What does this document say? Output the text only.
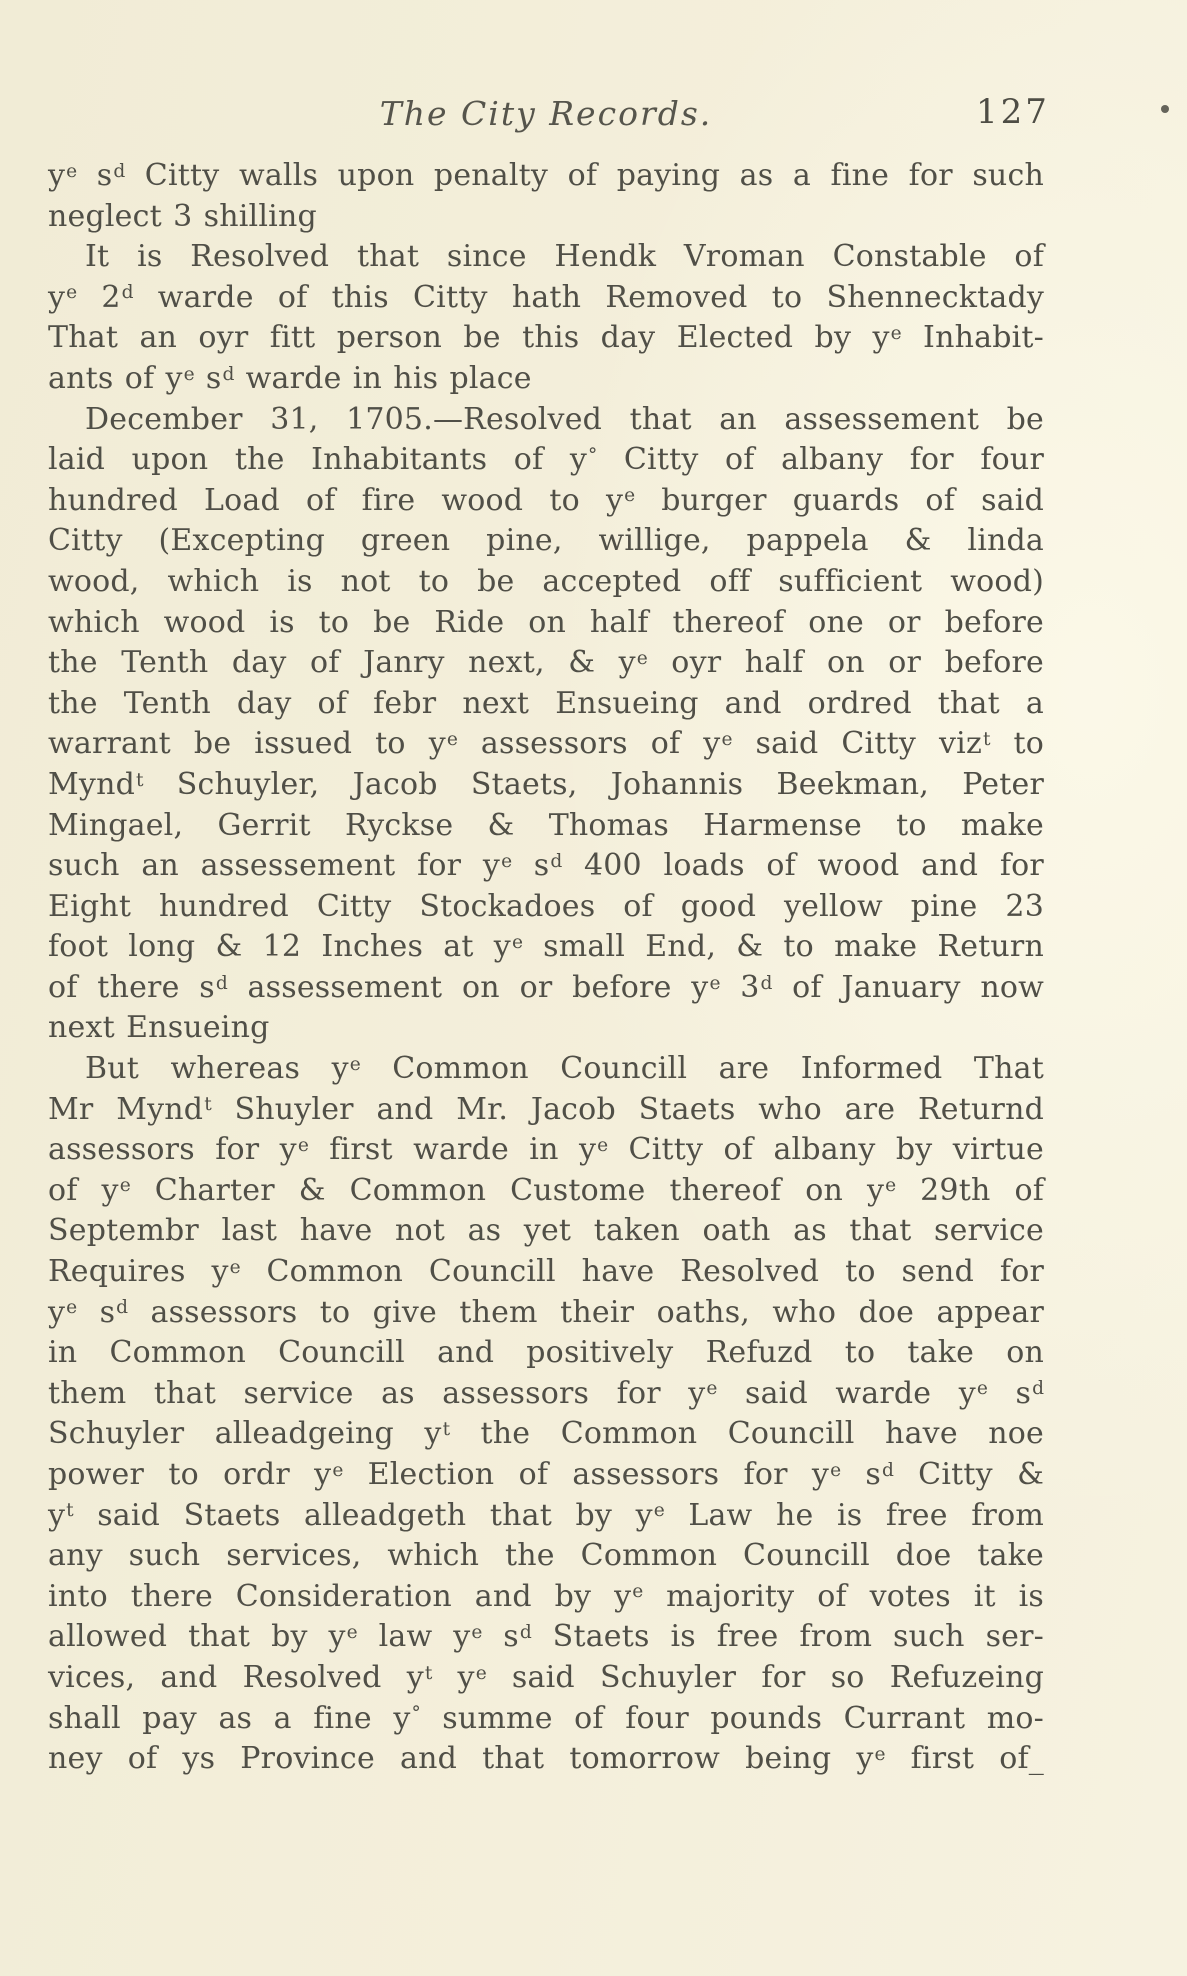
The City Records.	127
$y^e$ $s^d$ Citty walls upon penalty of paying as a fine for such
neglect 3 shilling
It is Resolved that since Hendk Vroman Constable of
$y^e$ 2$^d$ warde of this Citty hath Removed to Shennecktady
That an oyr fitt person be this day Elected by $y^e$ Inhabit-
ants of $y^e$ $s^d$ warde in his place
December 31, 1705.—Resolved that an assessement be
laid upon the Inhabitants of y° Citty of albany for four
hundred Load of fire wood to $y^e$ burger guards of said
Citty (Excepting green pine, willige, pappela & linda
wood, which is not to be accepted off sufficient wood)
which wood is to be Ride on half thereof one or before
the Tenth day of Janry next, & $y^e$ oyr half on or before
the Tenth day of febr next Ensueing and ordred that a
warrant be issued to $y^e$ assessors of $y^e$ said Citty viz$^t$ to
Mynd$^t$ Schuyler, Jacob Staets, Johannis Beekman, Peter
Mingael, Gerrit Ryckse & Thomas Harmense to make
such an assessement for $y^e$ $s^d$ 400 loads of wood and for
Eight hundred Citty Stockadoes of good yellow pine 23
foot long & 12 Inches at $y^e$ small End, & to make Return
of there $s^d$ assessement on or before $y^e$ 3$^d$ of January now
next Ensueing
But whereas $y^e$ Common Councill are Informed That
Mr Mynd$^t$ Shuyler and Mr. Jacob Staets who are Returnd
assessors for $y^e$ first warde in $y^e$ Citty of albany by virtue
of $y^e$ Charter & Common Custome thereof on $y^e$ 29th of
Septembr last have not as yet taken oath as that service
Requires $y^e$ Common Councill have Resolved to send for
$y^e$ $s^d$ assessors to give them their oaths, who doe appear
in Common Councill and positively Refuzd to take on
them that service as assessors for $y^e$ said warde $y^e$ $s^d$
Schuyler alleadgeing $y^t$ the Common Councill have noe
power to ordr $y^e$ Election of assessors for $y^e$ $s^d$ Citty &
$y^t$ said Staets alleadgeth that by $y^e$ Law he is free from
any such services, which the Common Councill doe take
into there Consideration and by $y^e$ majority of votes it is
allowed that by $y^e$ law $y^e$ $s^d$ Staets is free from such ser-
vices, and Resolved $y^t$ $y^e$ said Schuyler for so Refuzeing
shall pay as a fine y° summe of four pounds Currant mo-
ney of ys Province and that tomorrow being $y^e$ first of_
